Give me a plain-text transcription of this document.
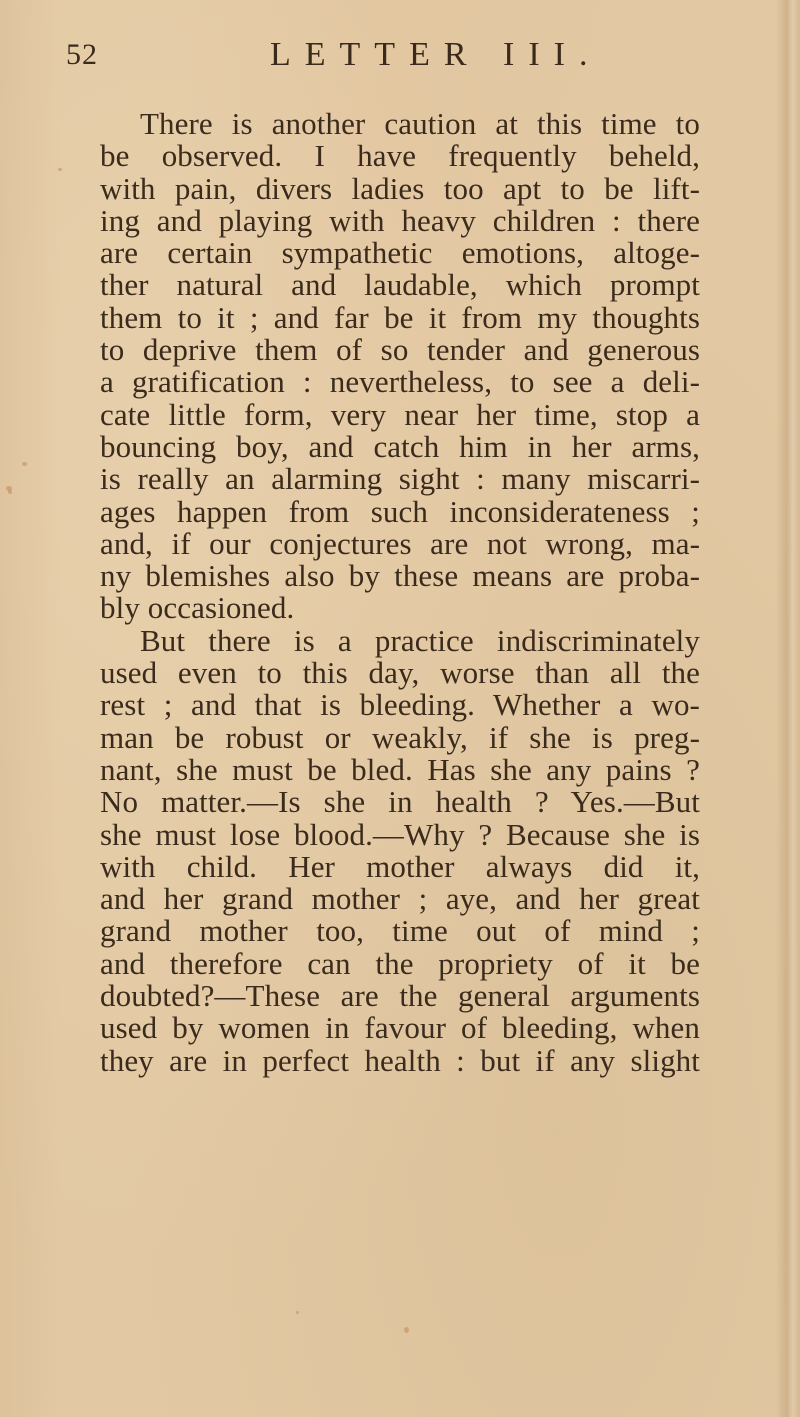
52	LETTER III.
There is another caution at this time to
be observed. I have frequently beheld,
with pain, divers ladies too apt to be lift-
ing and playing with heavy children : there
are certain sympathetic emotions, altoge-
ther natural and laudable, which prompt
them to it ; and far be it from my thoughts
to deprive them of so tender and generous
a gratification : nevertheless, to see a deli-
cate little form, very near her time, stop a
bouncing boy, and catch him in her arms,
is really an alarming sight : many miscarri-
ages happen from such inconsiderateness ;
and, if our conjectures are not wrong, ma-
ny blemishes also by these means are proba-
bly occasioned.
But there is a practice indiscriminately
used even to this day, worse than all the
rest ; and that is bleeding. Whether a wo-
man be robust or weakly, if she is preg-
nant, she must be bled. Has she any pains ?
No matter.—Is she in health ? Yes.—But
she must lose blood.—Why ? Because she is
with child. Her mother always did it,
and her grand mother ; aye, and her great
grand mother too, time out of mind ;
and therefore can the propriety of it be
doubted?—These are the general arguments
used by women in favour of bleeding, when
they are in perfect health : but if any slight
